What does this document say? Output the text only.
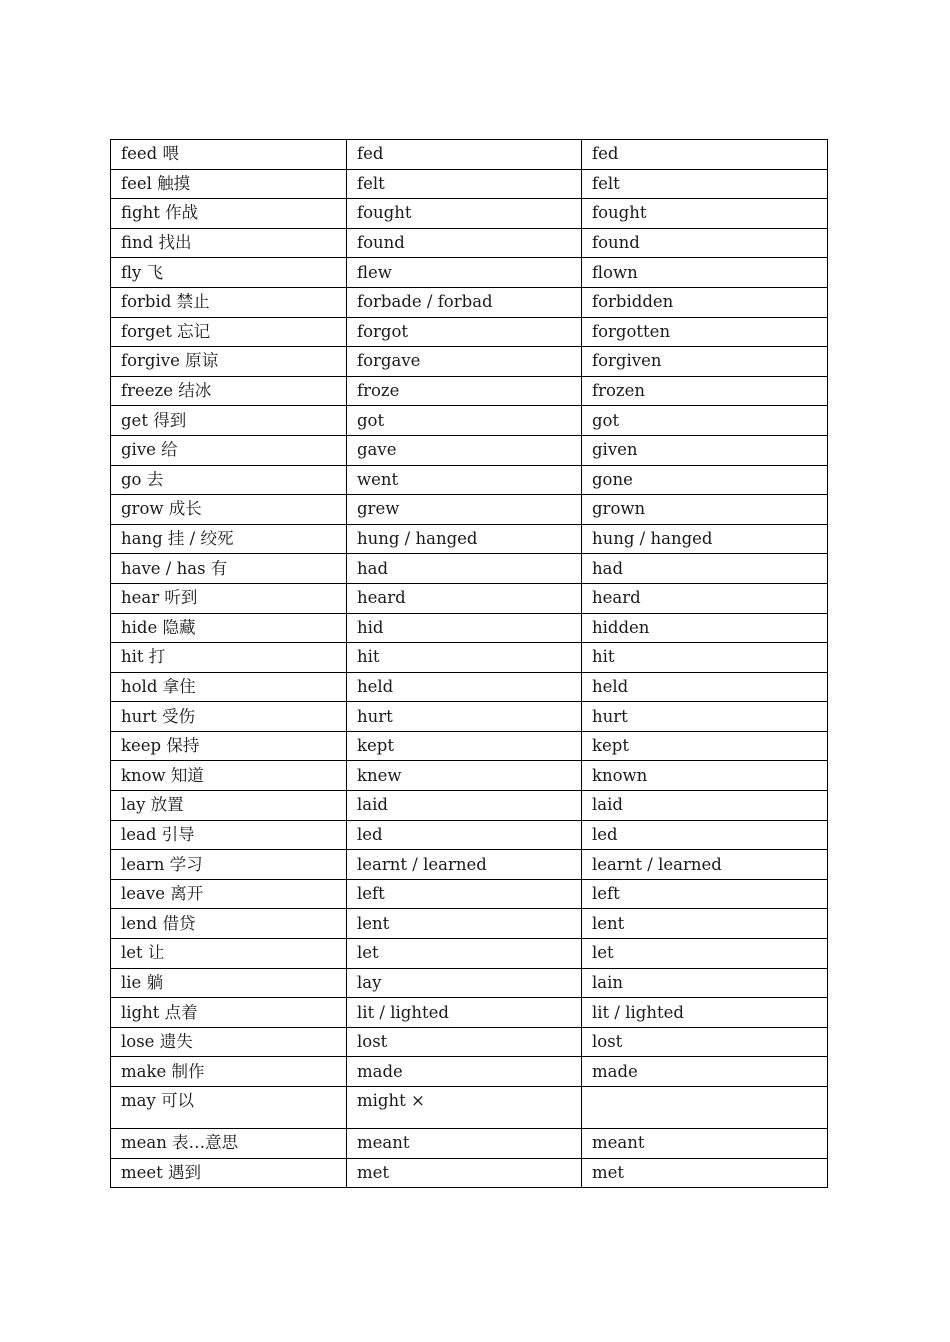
feed 喂	fed	fed
feel 触摸	felt	felt
fight 作战	fought	fought
find 找出	found	found
fly 飞	flew	flown
forbid 禁止	forbade / forbad	forbidden
forget 忘记	forgot	forgotten
forgive 原谅	forgave	forgiven
freeze 结冰	froze	frozen
get 得到	got	got
give 给	gave	given
go 去	went	gone
grow 成长	grew	grown
hang 挂 / 绞死	hung / hanged	hung / hanged
have / has 有	had	had
hear 听到	heard	heard
hide 隐藏	hid	hidden
hit 打	hit	hit
hold 拿住	held	held
hurt 受伤	hurt	hurt
keep 保持	kept	kept
know 知道	knew	known
lay 放置	laid	laid
lead 引导	led	led
learn 学习	learnt / learned	learnt / learned
leave 离开	left	left
lend 借贷	lent	lent
let 让	let	let
lie 躺	lay	lain
light 点着	lit / lighted	lit / lighted
lose 遗失	lost	lost
make 制作	made	made
may 可以	might ×	
mean 表…意思	meant	meant
meet 遇到	met	met
